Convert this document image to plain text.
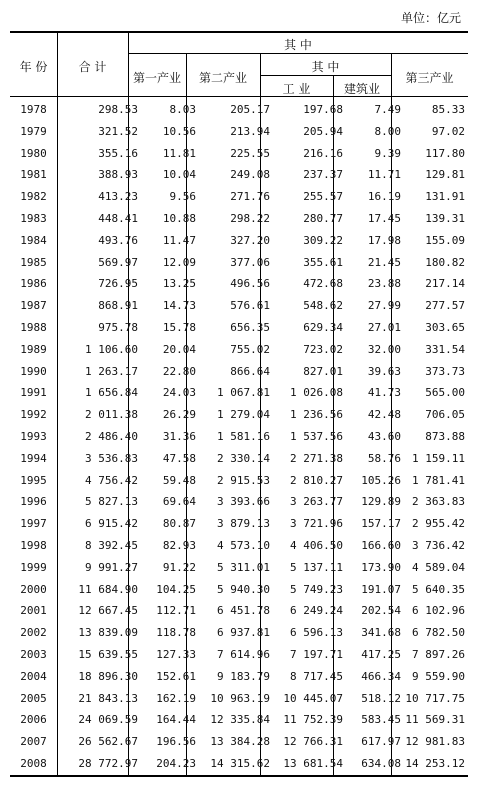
单位：亿元
年 份	合 计
其 中
第一产业	第二产业
其 中
工 业	建筑业
第三产业
1978	298.53	8.03	205.17	197.68	7.49	85.33
1979	321.52	10.56	213.94	205.94	8.00	97.02
1980	355.16	11.81	225.55	216.16	9.39	117.80
1981	388.93	10.04	249.08	237.37	11.71	129.81
1982	413.23	9.56	271.76	255.57	16.19	131.91
1983	448.41	10.88	298.22	280.77	17.45	139.31
1984	493.76	11.47	327.20	309.22	17.98	155.09
1985	569.97	12.09	377.06	355.61	21.45	180.82
1986	726.95	13.25	496.56	472.68	23.88	217.14
1987	868.91	14.73	576.61	548.62	27.99	277.57
1988	975.78	15.78	656.35	629.34	27.01	303.65
1989	1 106.60	20.04	755.02	723.02	32.00	331.54
1990	1 263.17	22.80	866.64	827.01	39.63	373.73
1991	1 656.84	24.03	1 067.81	1 026.08	41.73	565.00
1992	2 011.38	26.29	1 279.04	1 236.56	42.48	706.05
1993	2 486.40	31.36	1 581.16	1 537.56	43.60	873.88
1994	3 536.83	47.58	2 330.14	2 271.38	58.76	1 159.11
1995	4 756.42	59.48	2 915.53	2 810.27	105.26	1 781.41
1996	5 827.13	69.64	3 393.66	3 263.77	129.89	2 363.83
1997	6 915.42	80.87	3 879.13	3 721.96	157.17	2 955.42
1998	8 392.45	82.93	4 573.10	4 406.50	166.60	3 736.42
1999	9 991.27	91.22	5 311.01	5 137.11	173.90	4 589.04
2000	11 684.90	104.25	5 940.30	5 749.23	191.07	5 640.35
2001	12 667.45	112.71	6 451.78	6 249.24	202.54	6 102.96
2002	13 839.09	118.78	6 937.81	6 596.13	341.68	6 782.50
2003	15 639.55	127.33	7 614.96	7 197.71	417.25	7 897.26
2004	18 896.30	152.61	9 183.79	8 717.45	466.34	9 559.90
2005	21 843.13	162.19	10 963.19	10 445.07	518.12 10 717.75
2006	24 069.59	164.44	12 335.84	11 752.39	583.45 11 569.31
2007	26 562.67	196.56	13 384.28	12 766.31	617.97 12 981.83
2008	28 772.97	204.23	14 315.62	13 681.54	634.08 14 253.12
